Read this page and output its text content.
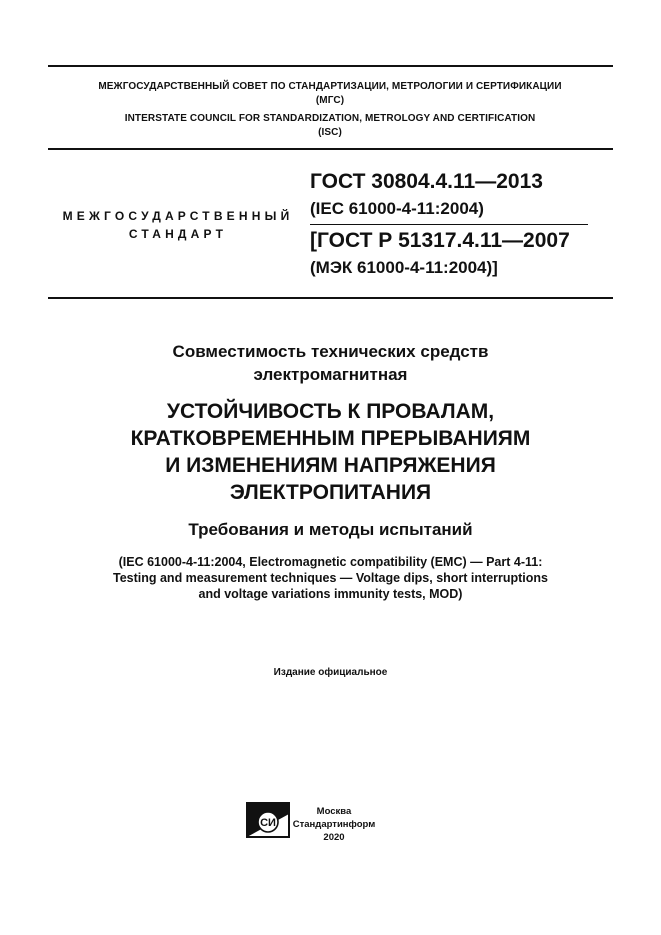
МЕЖГОСУДАРСТВЕННЫЙ СОВЕТ ПО СТАНДАРТИЗАЦИИ, МЕТРОЛОГИИ И СЕРТИФИКАЦИИ
(МГС)
INTERSTATE COUNCIL FOR STANDARDIZATION, METROLOGY AND CERTIFICATION
(ISC)
МЕЖГОСУДАРСТВЕННЫЙ
СТАНДАРТ
ГОСТ 30804.4.11—2013
(IEC 61000-4-11:2004)
[ГОСТ Р 51317.4.11—2007
(МЭК 61000-4-11:2004)]
Совместимость технических средств
электромагнитная
УСТОЙЧИВОСТЬ К ПРОВАЛАМ,
КРАТКОВРЕМЕННЫМ ПРЕРЫВАНИЯМ
И ИЗМЕНЕНИЯМ НАПРЯЖЕНИЯ
ЭЛЕКТРОПИТАНИЯ
Требования и методы испытаний
(IEC 61000-4-11:2004, Electromagnetic compatibility (EMC) — Part 4-11:
Testing and measurement techniques — Voltage dips, short interruptions
and voltage variations immunity tests, MOD)
Издание официальное
СИ
Москва
Стандартинформ
2020
